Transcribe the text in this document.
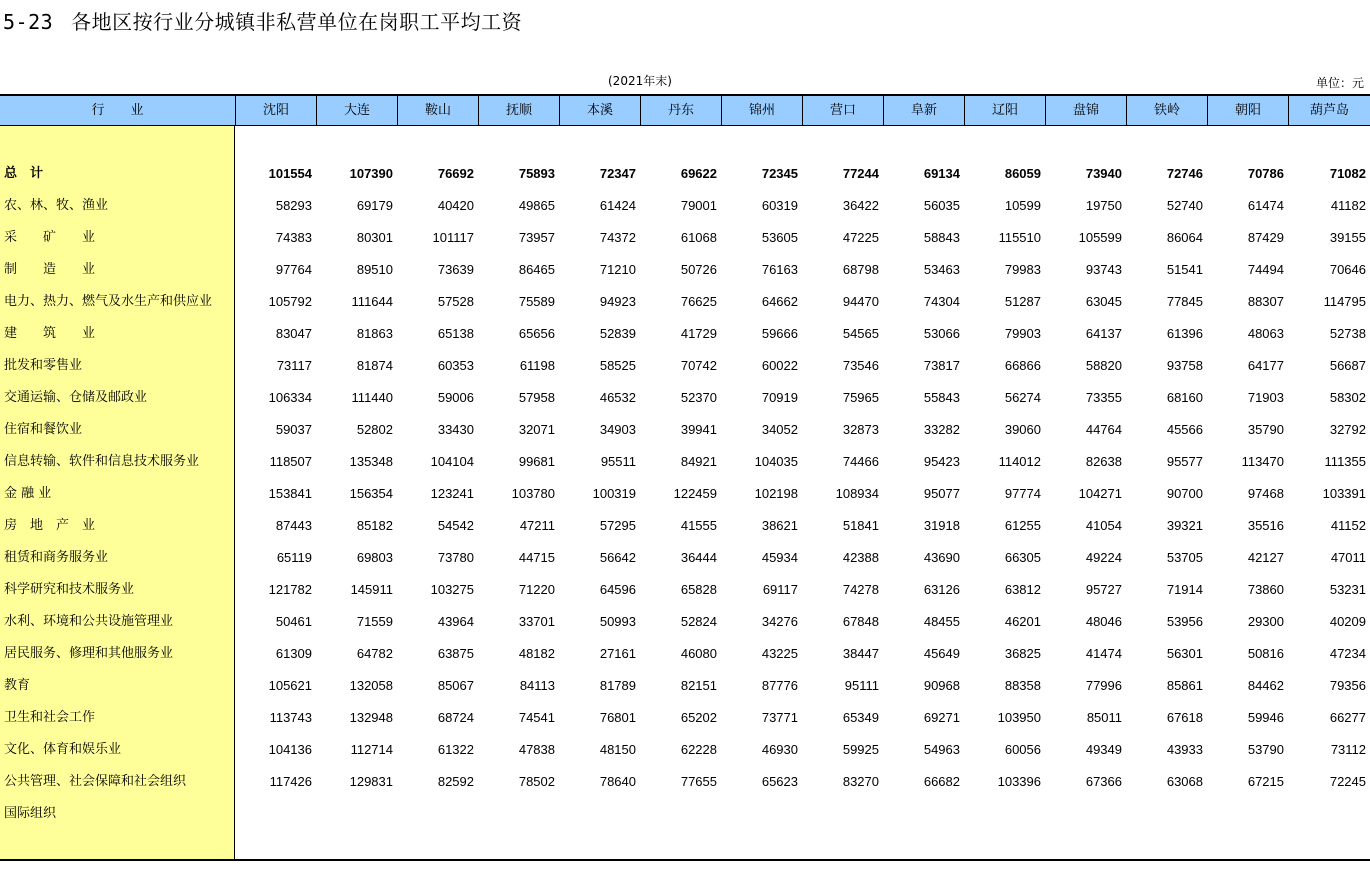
5-23 各地区按行业分城镇非私营单位在岗职工平均工资
(2021年末)	单位：元
行业	沈阳	大连	鞍山	抚顺	本溪	丹东	锦州	营口	阜新	辽阳	盘锦	铁岭	朝阳	葫芦岛
总　计	101554	107390	76692	75893	72347	69622	72345	77244	69134	86059	73940	72746	70786	71082
农、林、牧、渔业	58293	69179	40420	49865	61424	79001	60319	36422	56035	10599	19750	52740	61474	41182
采　　矿　　业	74383	80301	101117	73957	74372	61068	53605	47225	58843	115510	105599	86064	87429	39155
制　　造　　业	97764	89510	73639	86465	71210	50726	76163	68798	53463	79983	93743	51541	74494	70646
电力、热力、燃气及水生产和供应业	105792	111644	57528	75589	94923	76625	64662	94470	74304	51287	63045	77845	88307	114795
建　　筑　　业	83047	81863	65138	65656	52839	41729	59666	54565	53066	79903	64137	61396	48063	52738
批发和零售业	73117	81874	60353	61198	58525	70742	60022	73546	73817	66866	58820	93758	64177	56687
交通运输、仓储及邮政业	106334	111440	59006	57958	46532	52370	70919	75965	55843	56274	73355	68160	71903	58302
住宿和餐饮业	59037	52802	33430	32071	34903	39941	34052	32873	33282	39060	44764	45566	35790	32792
信息转输、软件和信息技术服务业	118507	135348	104104	99681	95511	84921	104035	74466	95423	114012	82638	95577	113470	111355
金 融 业	153841	156354	123241	103780	100319	122459	102198	108934	95077	97774	104271	90700	97468	103391
房　地　产　业	87443	85182	54542	47211	57295	41555	38621	51841	31918	61255	41054	39321	35516	41152
租赁和商务服务业	65119	69803	73780	44715	56642	36444	45934	42388	43690	66305	49224	53705	42127	47011
科学研究和技术服务业	121782	145911	103275	71220	64596	65828	69117	74278	63126	63812	95727	71914	73860	53231
水利、环境和公共设施管理业	50461	71559	43964	33701	50993	52824	34276	67848	48455	46201	48046	53956	29300	40209
居民服务、修理和其他服务业	61309	64782	63875	48182	27161	46080	43225	38447	45649	36825	41474	56301	50816	47234
教育	105621	132058	85067	84113	81789	82151	87776	95111	90968	88358	77996	85861	84462	79356
卫生和社会工作	113743	132948	68724	74541	76801	65202	73771	65349	69271	103950	85011	67618	59946	66277
文化、体育和娱乐业	104136	112714	61322	47838	48150	62228	46930	59925	54963	60056	49349	43933	53790	73112
公共管理、社会保障和社会组织	117426	129831	82592	78502	78640	77655	65623	83270	66682	103396	67366	63068	67215	72245
国际组织
